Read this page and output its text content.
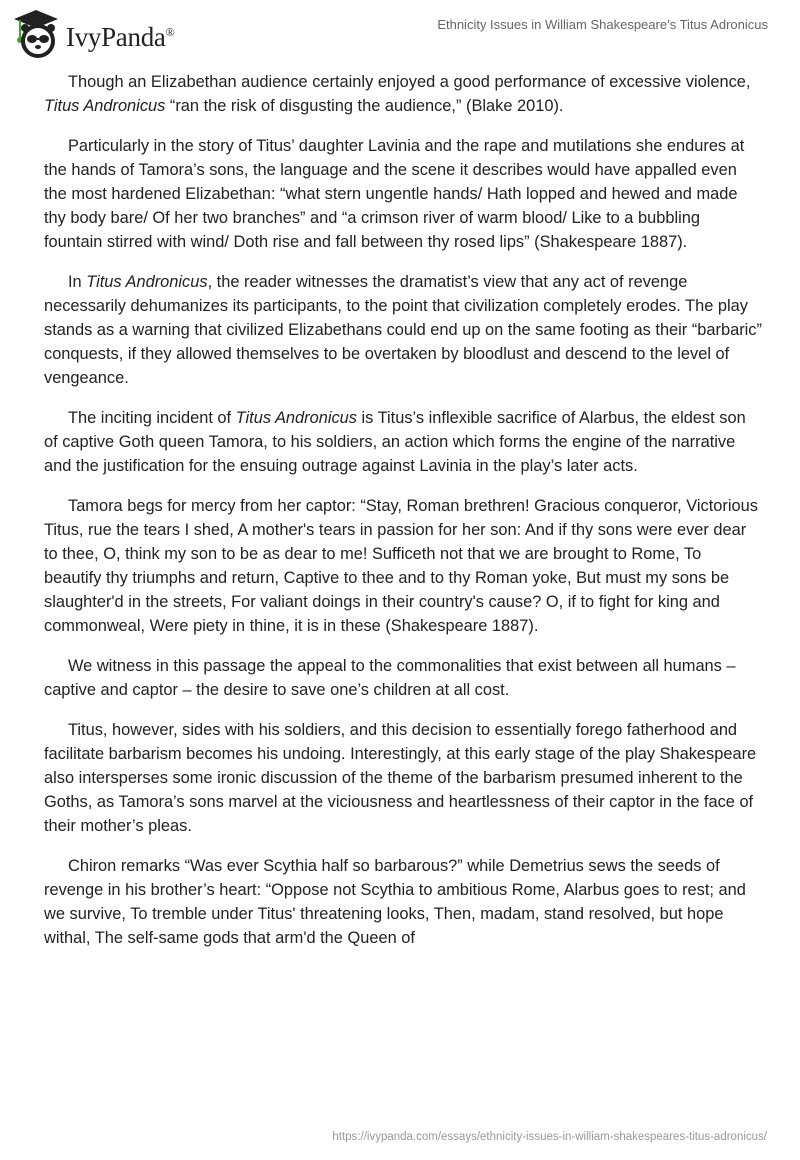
IvyPanda®	Ethnicity Issues in William Shakespeare’s Titus Adronicus

Though an Elizabethan audience certainly enjoyed a good performance of excessive violence, Titus Andronicus “ran the risk of disgusting the audience,” (Blake 2010).

Particularly in the story of Titus’ daughter Lavinia and the rape and mutilations she endures at the hands of Tamora’s sons, the language and the scene it describes would have appalled even the most hardened Elizabethan: “what stern ungentle hands/ Hath lopped and hewed and made thy body bare/ Of her two branches” and “a crimson river of warm blood/ Like to a bubbling fountain stirred with wind/ Doth rise and fall between thy rosed lips” (Shakespeare 1887).

In Titus Andronicus, the reader witnesses the dramatist’s view that any act of revenge necessarily dehumanizes its participants, to the point that civilization completely erodes. The play stands as a warning that civilized Elizabethans could end up on the same footing as their “barbaric” conquests, if they allowed themselves to be overtaken by bloodlust and descend to the level of vengeance.

The inciting incident of Titus Andronicus is Titus’s inflexible sacrifice of Alarbus, the eldest son of captive Goth queen Tamora, to his soldiers, an action which forms the engine of the narrative and the justification for the ensuing outrage against Lavinia in the play’s later acts.

Tamora begs for mercy from her captor: “Stay, Roman brethren! Gracious conqueror, Victorious Titus, rue the tears I shed, A mother's tears in passion for her son: And if thy sons were ever dear to thee, O, think my son to be as dear to me! Sufficeth not that we are brought to Rome, To beautify thy triumphs and return, Captive to thee and to thy Roman yoke, But must my sons be slaughter'd in the streets, For valiant doings in their country's cause? O, if to fight for king and commonweal, Were piety in thine, it is in these (Shakespeare 1887).

We witness in this passage the appeal to the commonalities that exist between all humans – captive and captor – the desire to save one’s children at all cost.

Titus, however, sides with his soldiers, and this decision to essentially forego fatherhood and facilitate barbarism becomes his undoing. Interestingly, at this early stage of the play Shakespeare also intersperses some ironic discussion of the theme of the barbarism presumed inherent to the Goths, as Tamora’s sons marvel at the viciousness and heartlessness of their captor in the face of their mother’s pleas.

Chiron remarks “Was ever Scythia half so barbarous?” while Demetrius sews the seeds of revenge in his brother’s heart: “Oppose not Scythia to ambitious Rome, Alarbus goes to rest; and we survive, To tremble under Titus' threatening looks, Then, madam, stand resolved, but hope withal, The self-same gods that arm'd the Queen of

https://ivypanda.com/essays/ethnicity-issues-in-william-shakespeares-titus-adronicus/
